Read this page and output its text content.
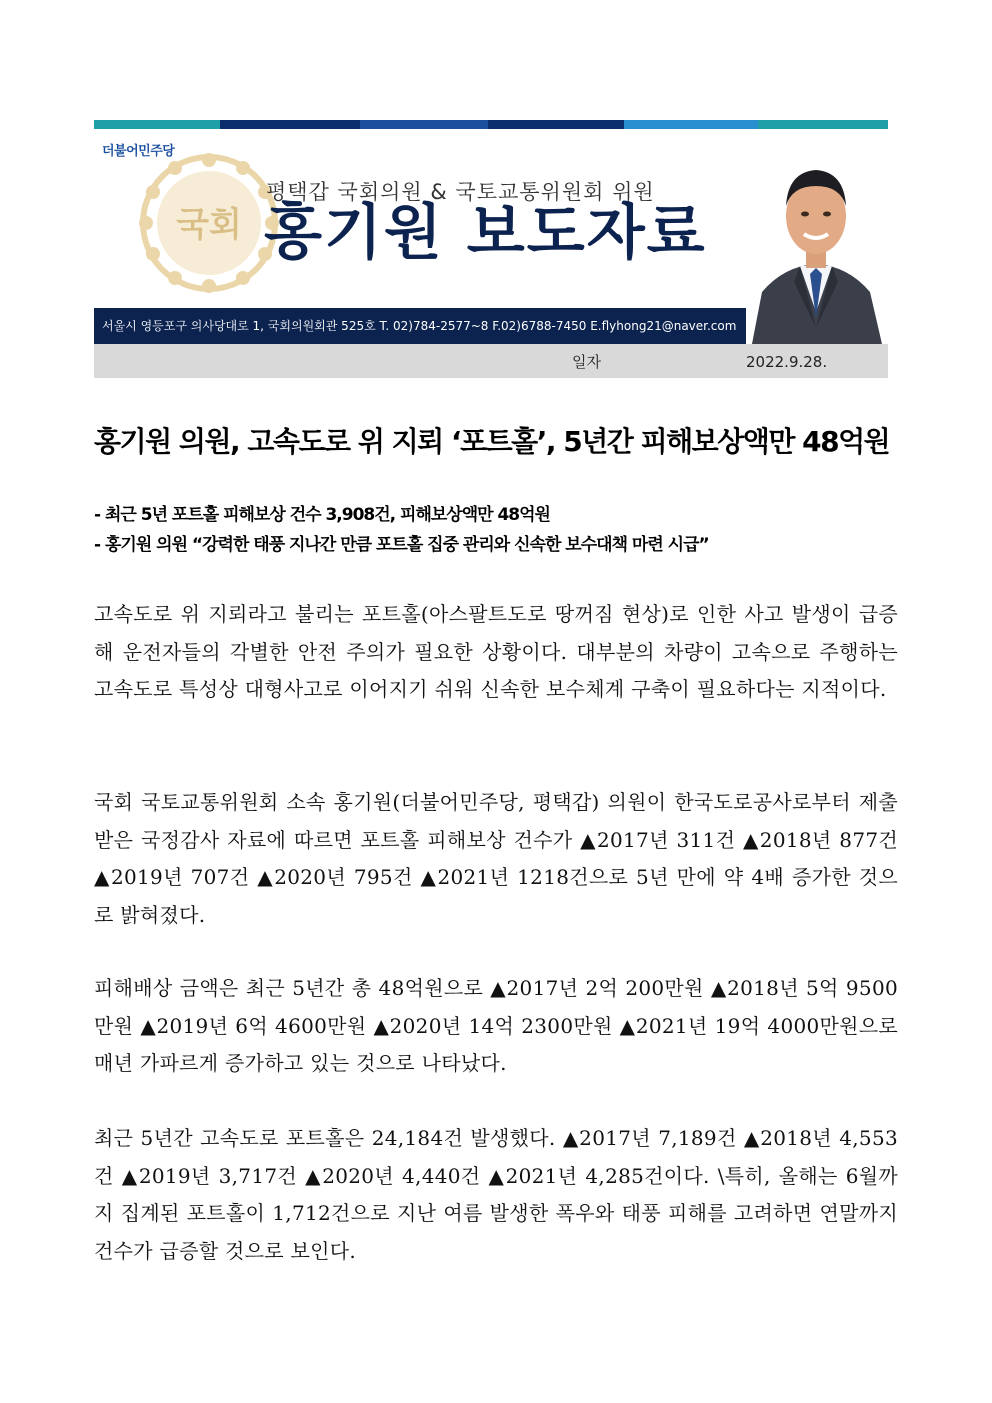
더불어민주당
국회
평택갑 국회의원 & 국토교통위원회 위원
홍기원 보도자료
서울시 영등포구 의사당대로 1, 국회의원회관 525호 T. 02)784-2577~8 F.02)6788-7450 E.flyhong21@naver.com
일자	2022.9.28.
홍기원 의원, 고속도로 위 지뢰 ‘포트홀’, 5년간 피해보상액만 48억원
- 최근 5년 포트홀 피해보상 건수 3,908건, 피해보상액만 48억원
- 홍기원 의원 “강력한 태풍 지나간 만큼 포트홀 집중 관리와 신속한 보수대책 마련 시급”
고속도로 위 지뢰라고 불리는 포트홀(아스팔트도로 땅꺼짐 현상)로 인한 사고 발생이 급증해 운전자들의 각별한 안전 주의가 필요한 상황이다. 대부분의 차량이 고속으로 주행하는 고속도로 특성상 대형사고로 이어지기 쉬워 신속한 보수체계 구축이 필요하다는 지적이다.
국회 국토교통위원회 소속 홍기원(더불어민주당, 평택갑) 의원이 한국도로공사로부터 제출받은 국정감사 자료에 따르면 포트홀 피해보상 건수가 ▲2017년 311건 ▲2018년 877건 ▲2019년 707건 ▲2020년 795건 ▲2021년 1218건으로 5년 만에 약 4배 증가한 것으로 밝혀졌다.
피해배상 금액은 최근 5년간 총 48억원으로 ▲2017년 2억 200만원 ▲2018년 5억 9500만원 ▲2019년 6억 4600만원 ▲2020년 14억 2300만원 ▲2021년 19억 4000만원으로 매년 가파르게 증가하고 있는 것으로 나타났다.
최근 5년간 고속도로 포트홀은 24,184건 발생했다. ▲2017년 7,189건 ▲2018년 4,553건 ▲2019년 3,717건 ▲2020년 4,440건 ▲2021년 4,285건이다. \특히, 올해는 6월까지 집계된 포트홀이 1,712건으로 지난 여름 발생한 폭우와 태풍 피해를 고려하면 연말까지 건수가 급증할 것으로 보인다.
